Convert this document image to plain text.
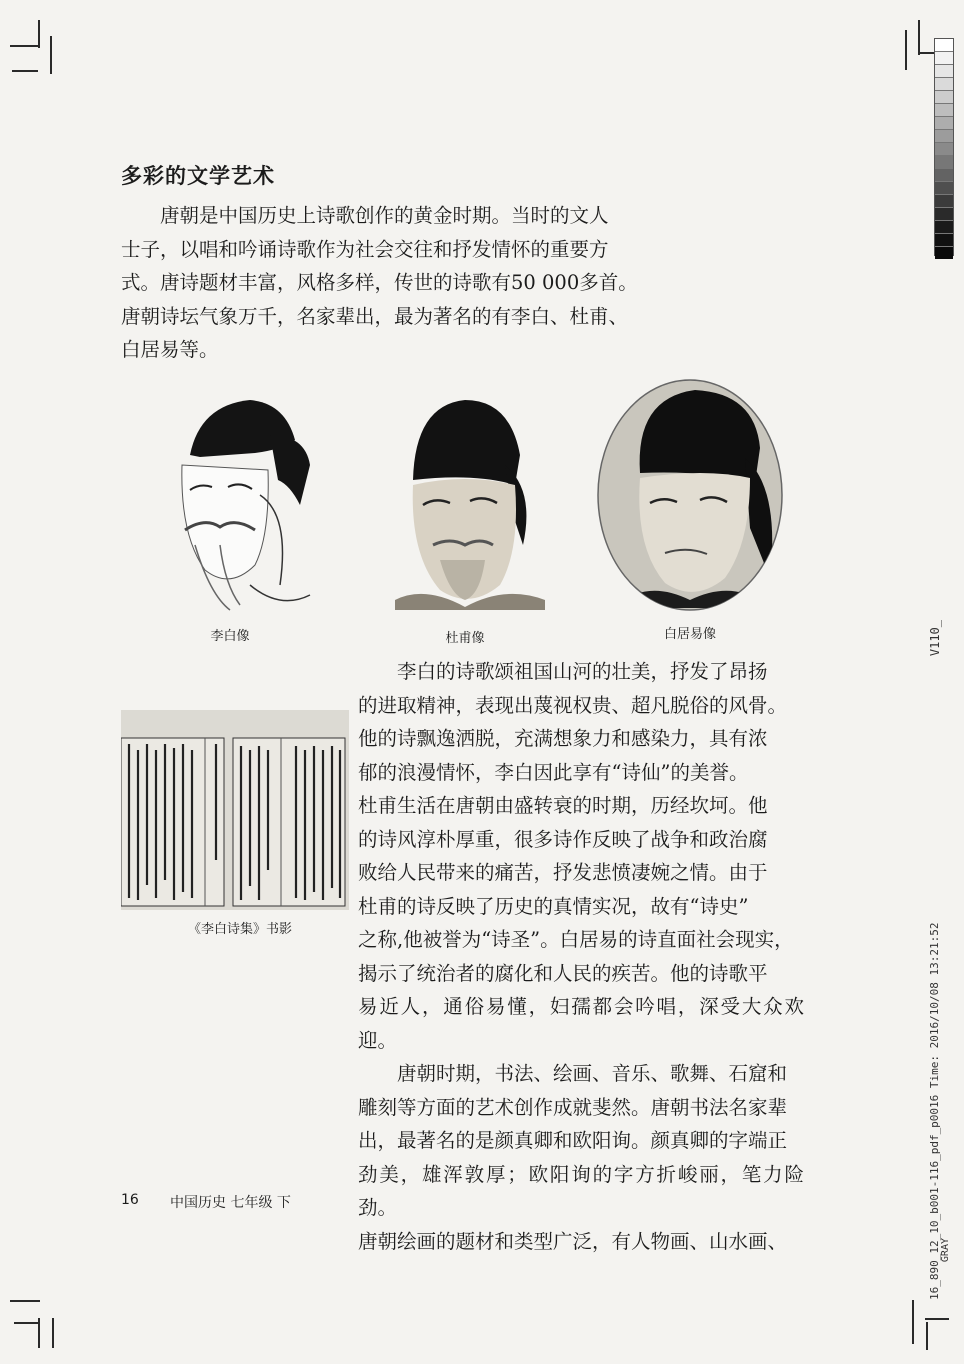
多彩的文学艺术

唐朝是中国历史上诗歌创作的黄金时期。当时的文人

士子，以唱和吟诵诗歌作为社会交往和抒发情怀的重要方

式。唐诗题材丰富，风格多样，传世的诗歌有50 000多首。

唐朝诗坛气象万千，名家辈出，最为著名的有李白、杜甫、

白居易等。

李白像	杜甫像	白居易像
《李白诗集》书影

李白的诗歌颂祖国山河的壮美，抒发了昂扬

的进取精神，表现出蔑视权贵、超凡脱俗的风骨。

他的诗飘逸洒脱，充满想象力和感染力，具有浓

郁的浪漫情怀，李白因此享有“诗仙”的美誉。

杜甫生活在唐朝由盛转衰的时期，历经坎坷。他

的诗风淳朴厚重，很多诗作反映了战争和政治腐

败给人民带来的痛苦，抒发悲愤凄婉之情。由于

杜甫的诗反映了历史的真情实况，故有“诗史”

之称,他被誉为“诗圣”。白居易的诗直面社会现实，

揭示了统治者的腐化和人民的疾苦。他的诗歌平

易近人，通俗易懂，妇孺都会吟唱，深受大众欢迎。

唐朝时期，书法、绘画、音乐、歌舞、石窟和

雕刻等方面的艺术创作成就斐然。唐朝书法名家辈

出，最著名的是颜真卿和欧阳询。颜真卿的字端正

劲美，雄浑敦厚；欧阳询的字方折峻丽，笔力险劲。

唐朝绘画的题材和类型广泛，有人物画、山水画、

16 中国历史 七年级 下
V110_
16_890_12_10_b001-116_pdf_p0016 Time: 2016/10/08 13:21:52 GRAY
